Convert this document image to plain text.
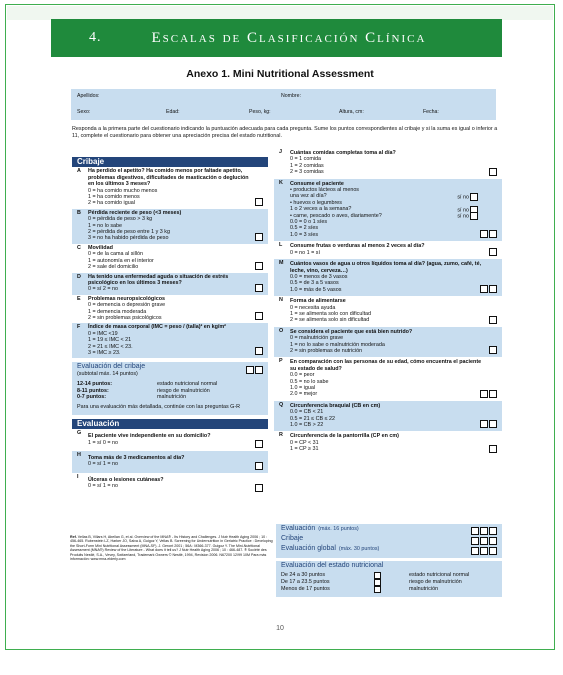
4.	Escalas de Clasificación Clínica
Anexo 1. Mini Nutritional Assessment
Apellidos:	Nombre:
Sexo:	Edad:	Peso, kg:	Altura, cm:	Fecha:
Responda a la primera parte del cuestionario indicando la puntuación adecuada para cada pregunta. Sume los puntos correspondientes al cribaje y si la suma es igual o inferior a 11, complete el cuestionario para obtener una apreciación precisa del estado nutritional.
Cribaje
A Ha perdido el apetito? Ha comido menos por faltade apetito, problemas digestivos, dificultades de masticación o deglución en los últimos 3 meses?
0 = ha comido mucho menos
1 = ha comido menos
2 = ha comido igual
B Pérdida reciente de peso (<3 meses)
0 = pérdida de peso > 3 kg
1 = no lo sabe
2 = pérdida de peso entre 1 y 3 kg
3 = no ha habido pérdida de peso
C Movilidad
0 = de la cama al sillón
1 = autonomía en el interior
2 = sale del domicilio
D Ha tenido una enfermedad aguda o situación de estrés psicológico en los últimos 3 meses?
0 = sí 2 = no
E Problemas neuropsicológicos
0 = demencia o depresión grave
1 = demencia moderada
2 = sin problemas psicológicos
F Índice de masa corporal (IMC = peso / (talla)² en kg/m²
0 = IMC <19
1 = 19 ≤ IMC < 21
2 = 21 ≤ IMC < 23.
3 = IMC ≥ 23.
Evaluación del cribaje
(subtotal máx. 14 puntos)
12-14 puntos:	estado nutricional normal
8-11 puntos:	riesgo de malnutrición
0-7 puntos:	malnutrición
Para una evaluación más detallada, continúe con las preguntas G-R
Evaluación
G El paciente vive independiente en su domicilio?
1 = sí 0 = no
H Toma más de 3 medicamentos al día?
0 = sí 1 = no
I Úlceras o lesiones cutáneas?
0 = sí 1 = no
J Cuántas comidas completas toma al día?
0 = 1 comida
1 = 2 comidas
2 = 3 comidas
K Consume el paciente
• productos lácteos al menos
una vez al día?
• huevos o legumbres
1 o 2 veces a la semana?
• carne, pescado o aves, diariamente?
0.0 = 0 o 1 síes
0.5 = 2 síes
1.0 = 3 síes
sí no
sí no
sí no
L Consume frutas o verduras al menos 2 veces al día?
0 = no 1 = sí
M Cuántos vasos de agua u otros líquidos toma al día? (agua, zumo, café, té, leche, vino, cerveza…)
0.0 = menos de 3 vasos
0.5 = de 3 a 5 vasos
1.0 = más de 5 vasos
N Forma de alimentarse
0 = necesita ayuda
1 = se alimenta solo con dificultad
2 = se alimenta solo sin dificultad
O Se considera el paciente que está bien nutrido?
0 = malnutrición grave
1 = no lo sabe o malnutrición moderada
2 = sin problemas de nutrición
P En comparación con las personas de su edad, cómo encuentra el paciente su estado de salud?
0.0 = peor
0.5 = no lo sabe
1.0 = igual
2.0 = mejor
Q Circunferencia braquial (CB en cm)
0.0 = CB < 21
0.5 = 21 ≤ CB ≤ 22
1.0 = CB > 22
R Circunferencia de la pantorrilla (CP en cm)
0 = CP < 31
1 = CP ≥ 31
Evaluación (máx. 16 puntos)
Cribaje
Evaluación global (máx. 30 puntos)
Evaluación del estado nutricional
De 24 a 30 puntos	estado nutricional normal
De 17 a 23.5 puntos	riesgo de malnutrición
Menos de 17 puntos	malnutrición
Ref. Vellas B, Villars H, Abellan G, et al. Overview of the MNA® - Its History and Challenges. J Nutr Health Aging 2006 ; 10 : 456-465. Rubenstein LZ, Harker JO, Salva A, Guigoz Y, Vellas B. Screening for Undernutrition in Geriatric Practice : Developing the Short-Form Mini Nutritional Assessment (MNA-SF). J. Geront 2001 ; 56A : M366-377. Guigoz Y. The Mini-Nutritional Assessment (MNA®) Review of the Literature - What does it tell us? J Nutr Health Aging 2006 ; 10 : 466-487. ® Société des Produits Nestlé, S.A., Vevey, Switzerland, Trademark Owners © Nestlé, 1994, Revision 2006. N67200 12/99 10M Para más información: www.mna-elderly.com
10
